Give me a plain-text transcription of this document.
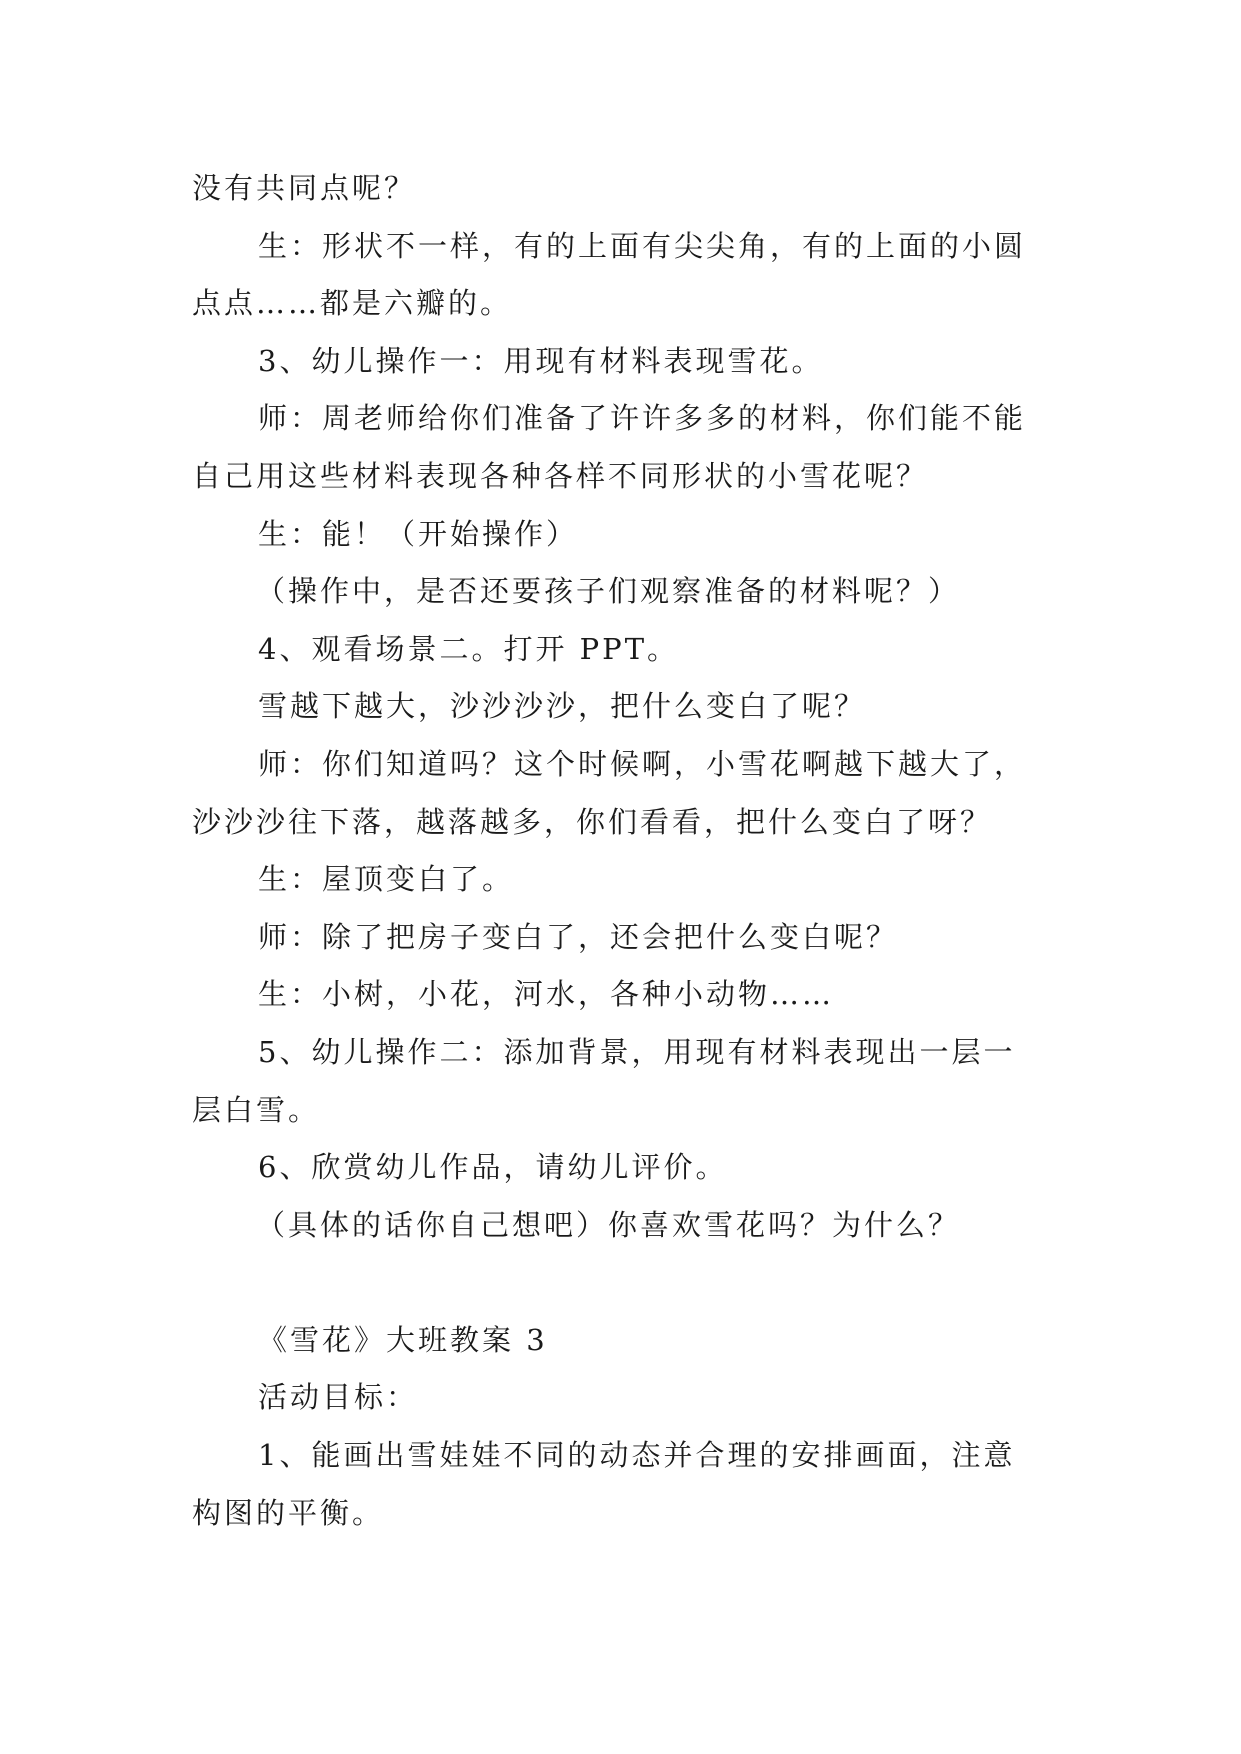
没有共同点呢？

生：形状不一样，有的上面有尖尖角，有的上面的小圆

点点……都是六瓣的。

3、幼儿操作一：用现有材料表现雪花。

师：周老师给你们准备了许许多多的材料，你们能不能

自己用这些材料表现各种各样不同形状的小雪花呢？

生：能！（开始操作）

（操作中，是否还要孩子们观察准备的材料呢？）

4、观看场景二。打开 PPT。

雪越下越大，沙沙沙沙，把什么变白了呢？

师：你们知道吗？这个时候啊，小雪花啊越下越大了，

沙沙沙往下落，越落越多，你们看看，把什么变白了呀？

生：屋顶变白了。

师：除了把房子变白了，还会把什么变白呢？

生：小树，小花，河水，各种小动物……

5、幼儿操作二：添加背景，用现有材料表现出一层一

层白雪。

6、欣赏幼儿作品，请幼儿评价。

（具体的话你自己想吧）你喜欢雪花吗？为什么？

《雪花》大班教案 3

活动目标：

1、能画出雪娃娃不同的动态并合理的安排画面，注意

构图的平衡。
